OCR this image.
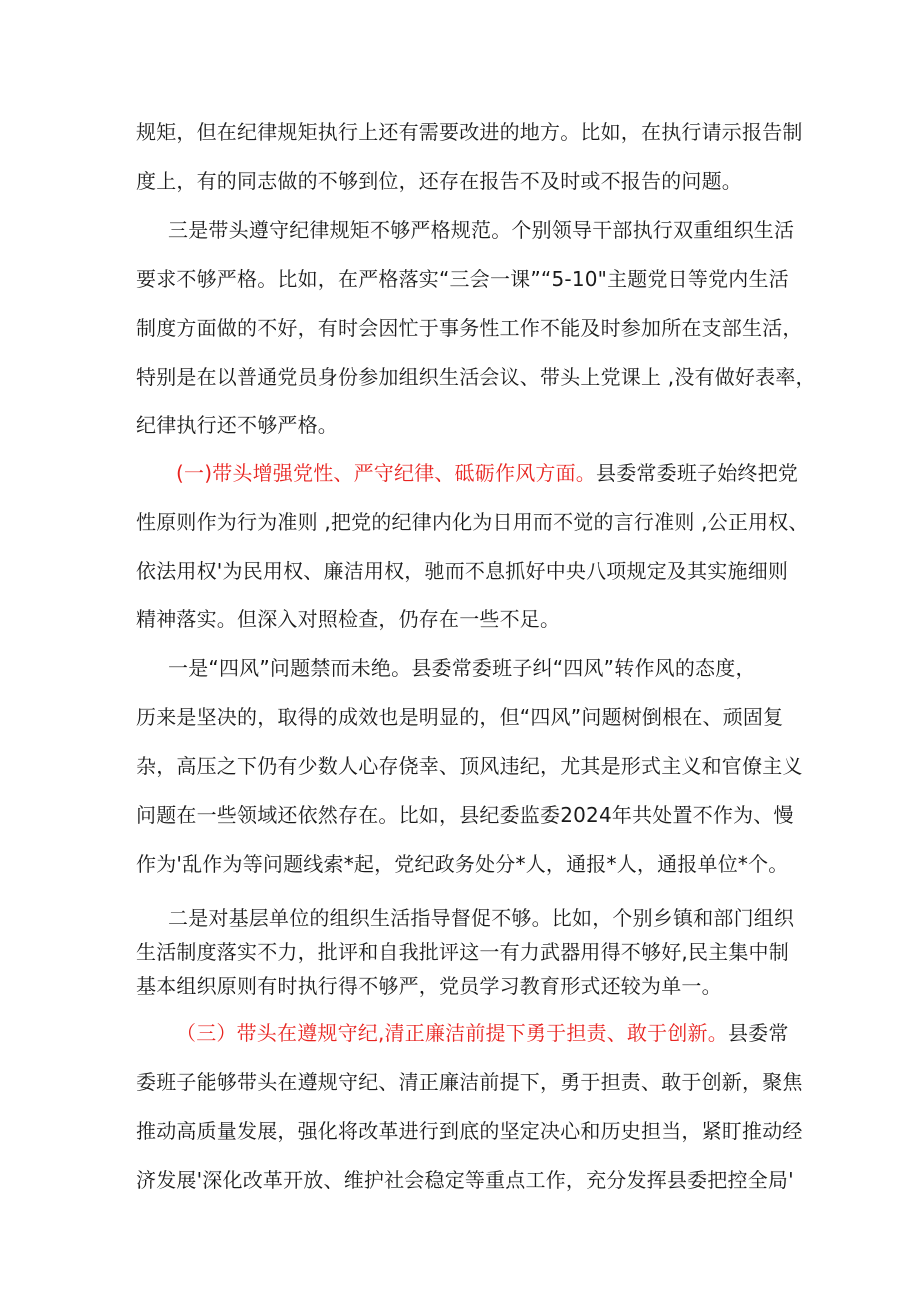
规矩，但在纪律规矩执行上还有需要改进的地方。比如，在执行请示报告制
度上，有的同志做的不够到位，还存在报告不及时或不报告的问题。
三是带头遵守纪律规矩不够严格规范。个别领导干部执行双重组织生活
要求不够严格。比如，在严格落实“三会一课”“5-10"主题党日等党内生活
制度方面做的不好，有时会因忙于事务性工作不能及时参加所在支部生活，
特别是在以普通党员身份参加组织生活会议、带头上党课上 ,没有做好表率，
纪律执行还不够严格。
(一)带头增强党性、严守纪律、砥砺作风方面。县委常委班子始终把党
性原则作为行为准则 ,把党的纪律内化为日用而不觉的言行准则 ,公正用权、
依法用权'为民用权、廉洁用权，驰而不息抓好中央八项规定及其实施细则
精神落实。但深入对照检查，仍存在一些不足。
一是“四风”问题禁而未绝。县委常委班子纠“四风”转作风的态度，
历来是坚决的，取得的成效也是明显的，但“四风”问题树倒根在、顽固复
杂，高压之下仍有少数人心存侥幸、顶风违纪，尤其是形式主义和官僚主义
问题在一些领域还依然存在。比如，县纪委监委2024年共处置不作为、慢
作为'乱作为等问题线索*起，党纪政务处分*人，通报*人，通报单位*个。
二是对基层单位的组织生活指导督促不够。比如，个别乡镇和部门组织
生活制度落实不力，批评和自我批评这一有力武器用得不够好,民主集中制
基本组织原则有时执行得不够严，党员学习教育形式还较为单一。
（三）带头在遵规守纪,清正廉洁前提下勇于担责、敢于创新。县委常
委班子能够带头在遵规守纪、清正廉洁前提下，勇于担责、敢于创新，聚焦
推动高质量发展，强化将改革进行到底的坚定决心和历史担当，紧盯推动经
济发展'深化改革开放、维护社会稳定等重点工作，充分发挥县委把控全局'
